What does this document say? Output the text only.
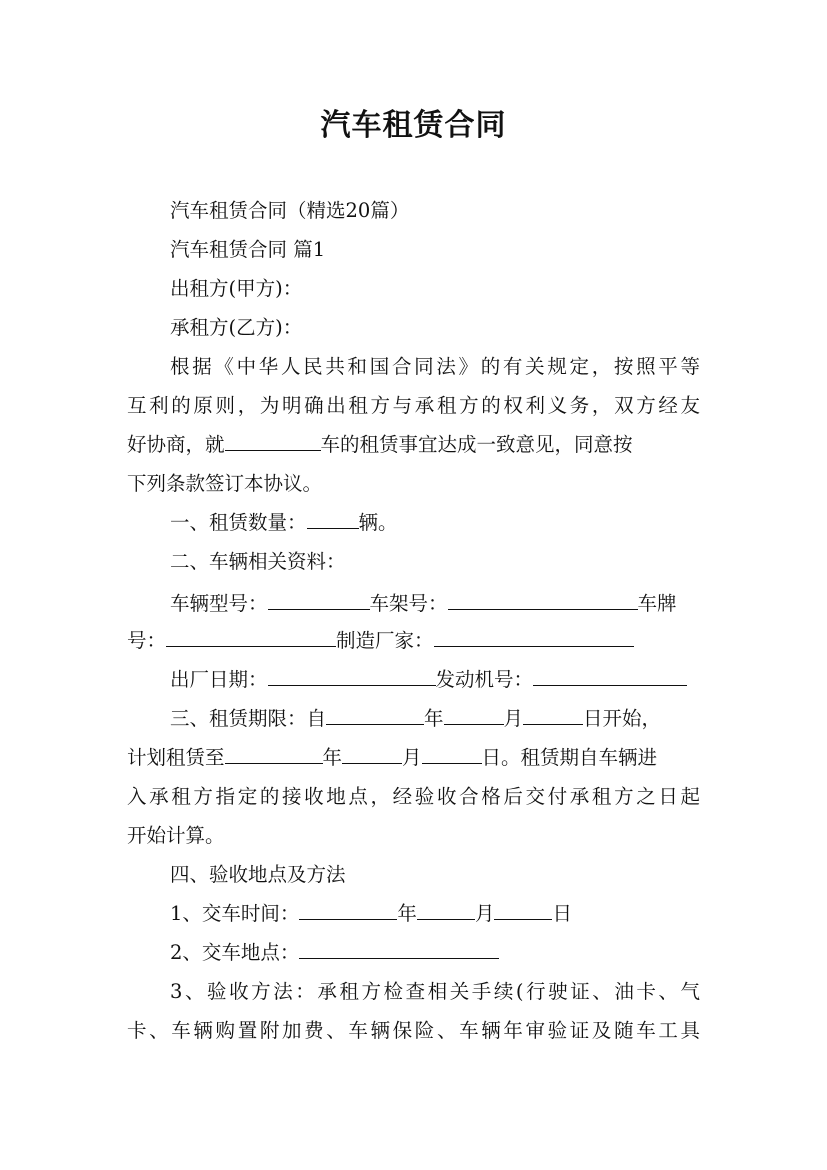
汽车租赁合同
汽车租赁合同（精选20篇）
汽车租赁合同 篇1
出租方(甲方)：
承租方(乙方)：
根据《中华人民共和国合同法》的有关规定，按照平等
互利的原则，为明确出租方与承租方的权利义务，双方经友
好协商，就	车的租赁事宜达成一致意见，同意按
下列条款签订本协议。
一、租赁数量：	辆。
二、车辆相关资料：
车辆型号：	车架号：	车牌
号：	制造厂家：
出厂日期：	发动机号：
三、租赁期限：自	年	月	日开始，
计划租赁至	年	月	日。租赁期自车辆进
入承租方指定的接收地点，经验收合格后交付承租方之日起
开始计算。
四、验收地点及方法
1、交车时间：	年	月	日
2、交车地点：
3、验收方法：承租方检查相关手续(行驶证、油卡、气
卡、车辆购置附加费、车辆保险、车辆年审验证及随车工具
